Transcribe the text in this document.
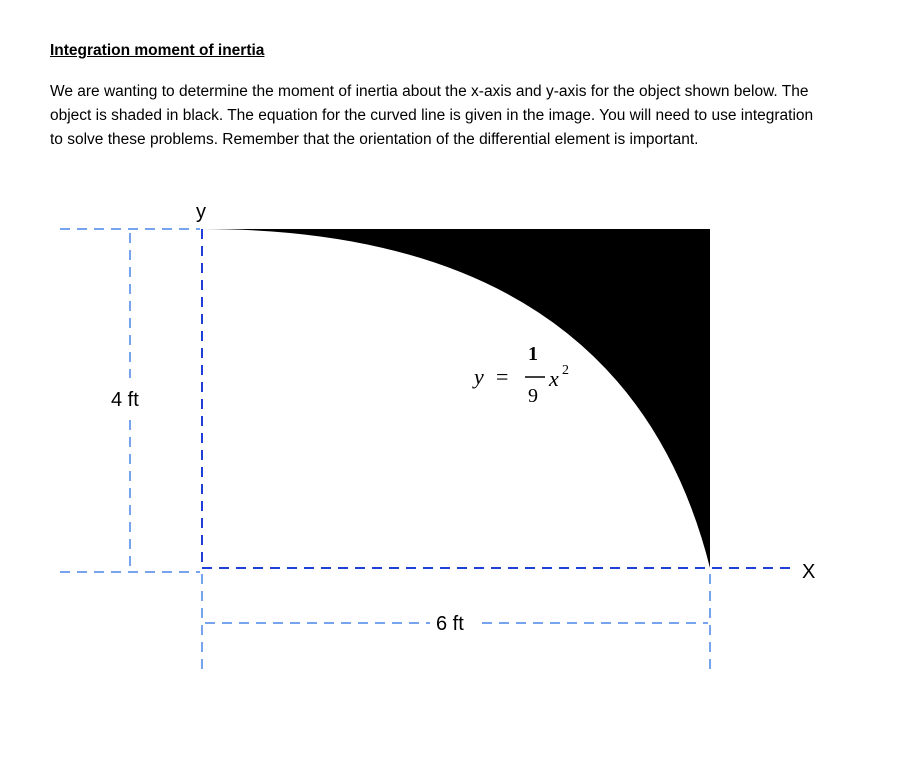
Integration moment of inertia

We are wanting to determine the moment of inertia about the x-axis and y-axis for the object shown below. The object is shaded in black. The equation for the curved line is given in the image. You will need to use integration to solve these problems. Remember that the orientation of the differential element is important.

y
X
4 ft
6 ft
y =
1
9
x 2
